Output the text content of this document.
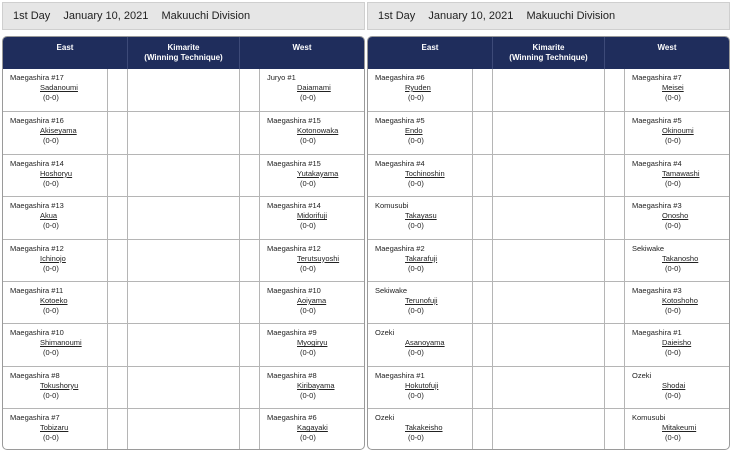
1st Day January 10, 2021 Makuuchi Division
East	Kimarite
(Winning Technique)
West
Maegashira #17
Sadanoumi
(0-0)
Juryo #1
Daiamami
(0-0)
Maegashira #16
Akiseyama
(0-0)
Maegashira #15
Kotonowaka
(0-0)
Maegashira #14
Hoshoryu
(0-0)
Maegashira #15
Yutakayama
(0-0)
Maegashira #13
Akua
(0-0)
Maegashira #14
Midorifuji
(0-0)
Maegashira #12
Ichinojo
(0-0)
Maegashira #12
Terutsuyoshi
(0-0)
Maegashira #11
Kotoeko
(0-0)
Maegashira #10
Aoiyama
(0-0)
Maegashira #10
Shimanoumi
(0-0)
Maegashira #9
Myogiryu
(0-0)
Maegashira #8
Tokushoryu
(0-0)
Maegashira #8
Kiribayama
(0-0)
Maegashira #7
Tobizaru
(0-0)
Maegashira #6
Kagayaki
(0-0)
1st Day January 10, 2021 Makuuchi Division
East	Kimarite
(Winning Technique)
West
Maegashira #6
Ryuden
(0-0)
Maegashira #7
Meisei
(0-0)
Maegashira #5
Endo
(0-0)
Maegashira #5
Okinoumi
(0-0)
Maegashira #4
Tochinoshin
(0-0)
Maegashira #4
Tamawashi
(0-0)
Komusubi
Takayasu
(0-0)
Maegashira #3
Onosho
(0-0)
Maegashira #2
Takarafuji
(0-0)
Sekiwake
Takanosho
(0-0)
Sekiwake
Terunofuji
(0-0)
Maegashira #3
Kotoshoho
(0-0)
Ozeki
Asanoyama
(0-0)
Maegashira #1
Daieisho
(0-0)
Maegashira #1
Hokutofuji
(0-0)
Ozeki
Shodai
(0-0)
Ozeki
Takakeisho
(0-0)
Komusubi
Mitakeumi
(0-0)
